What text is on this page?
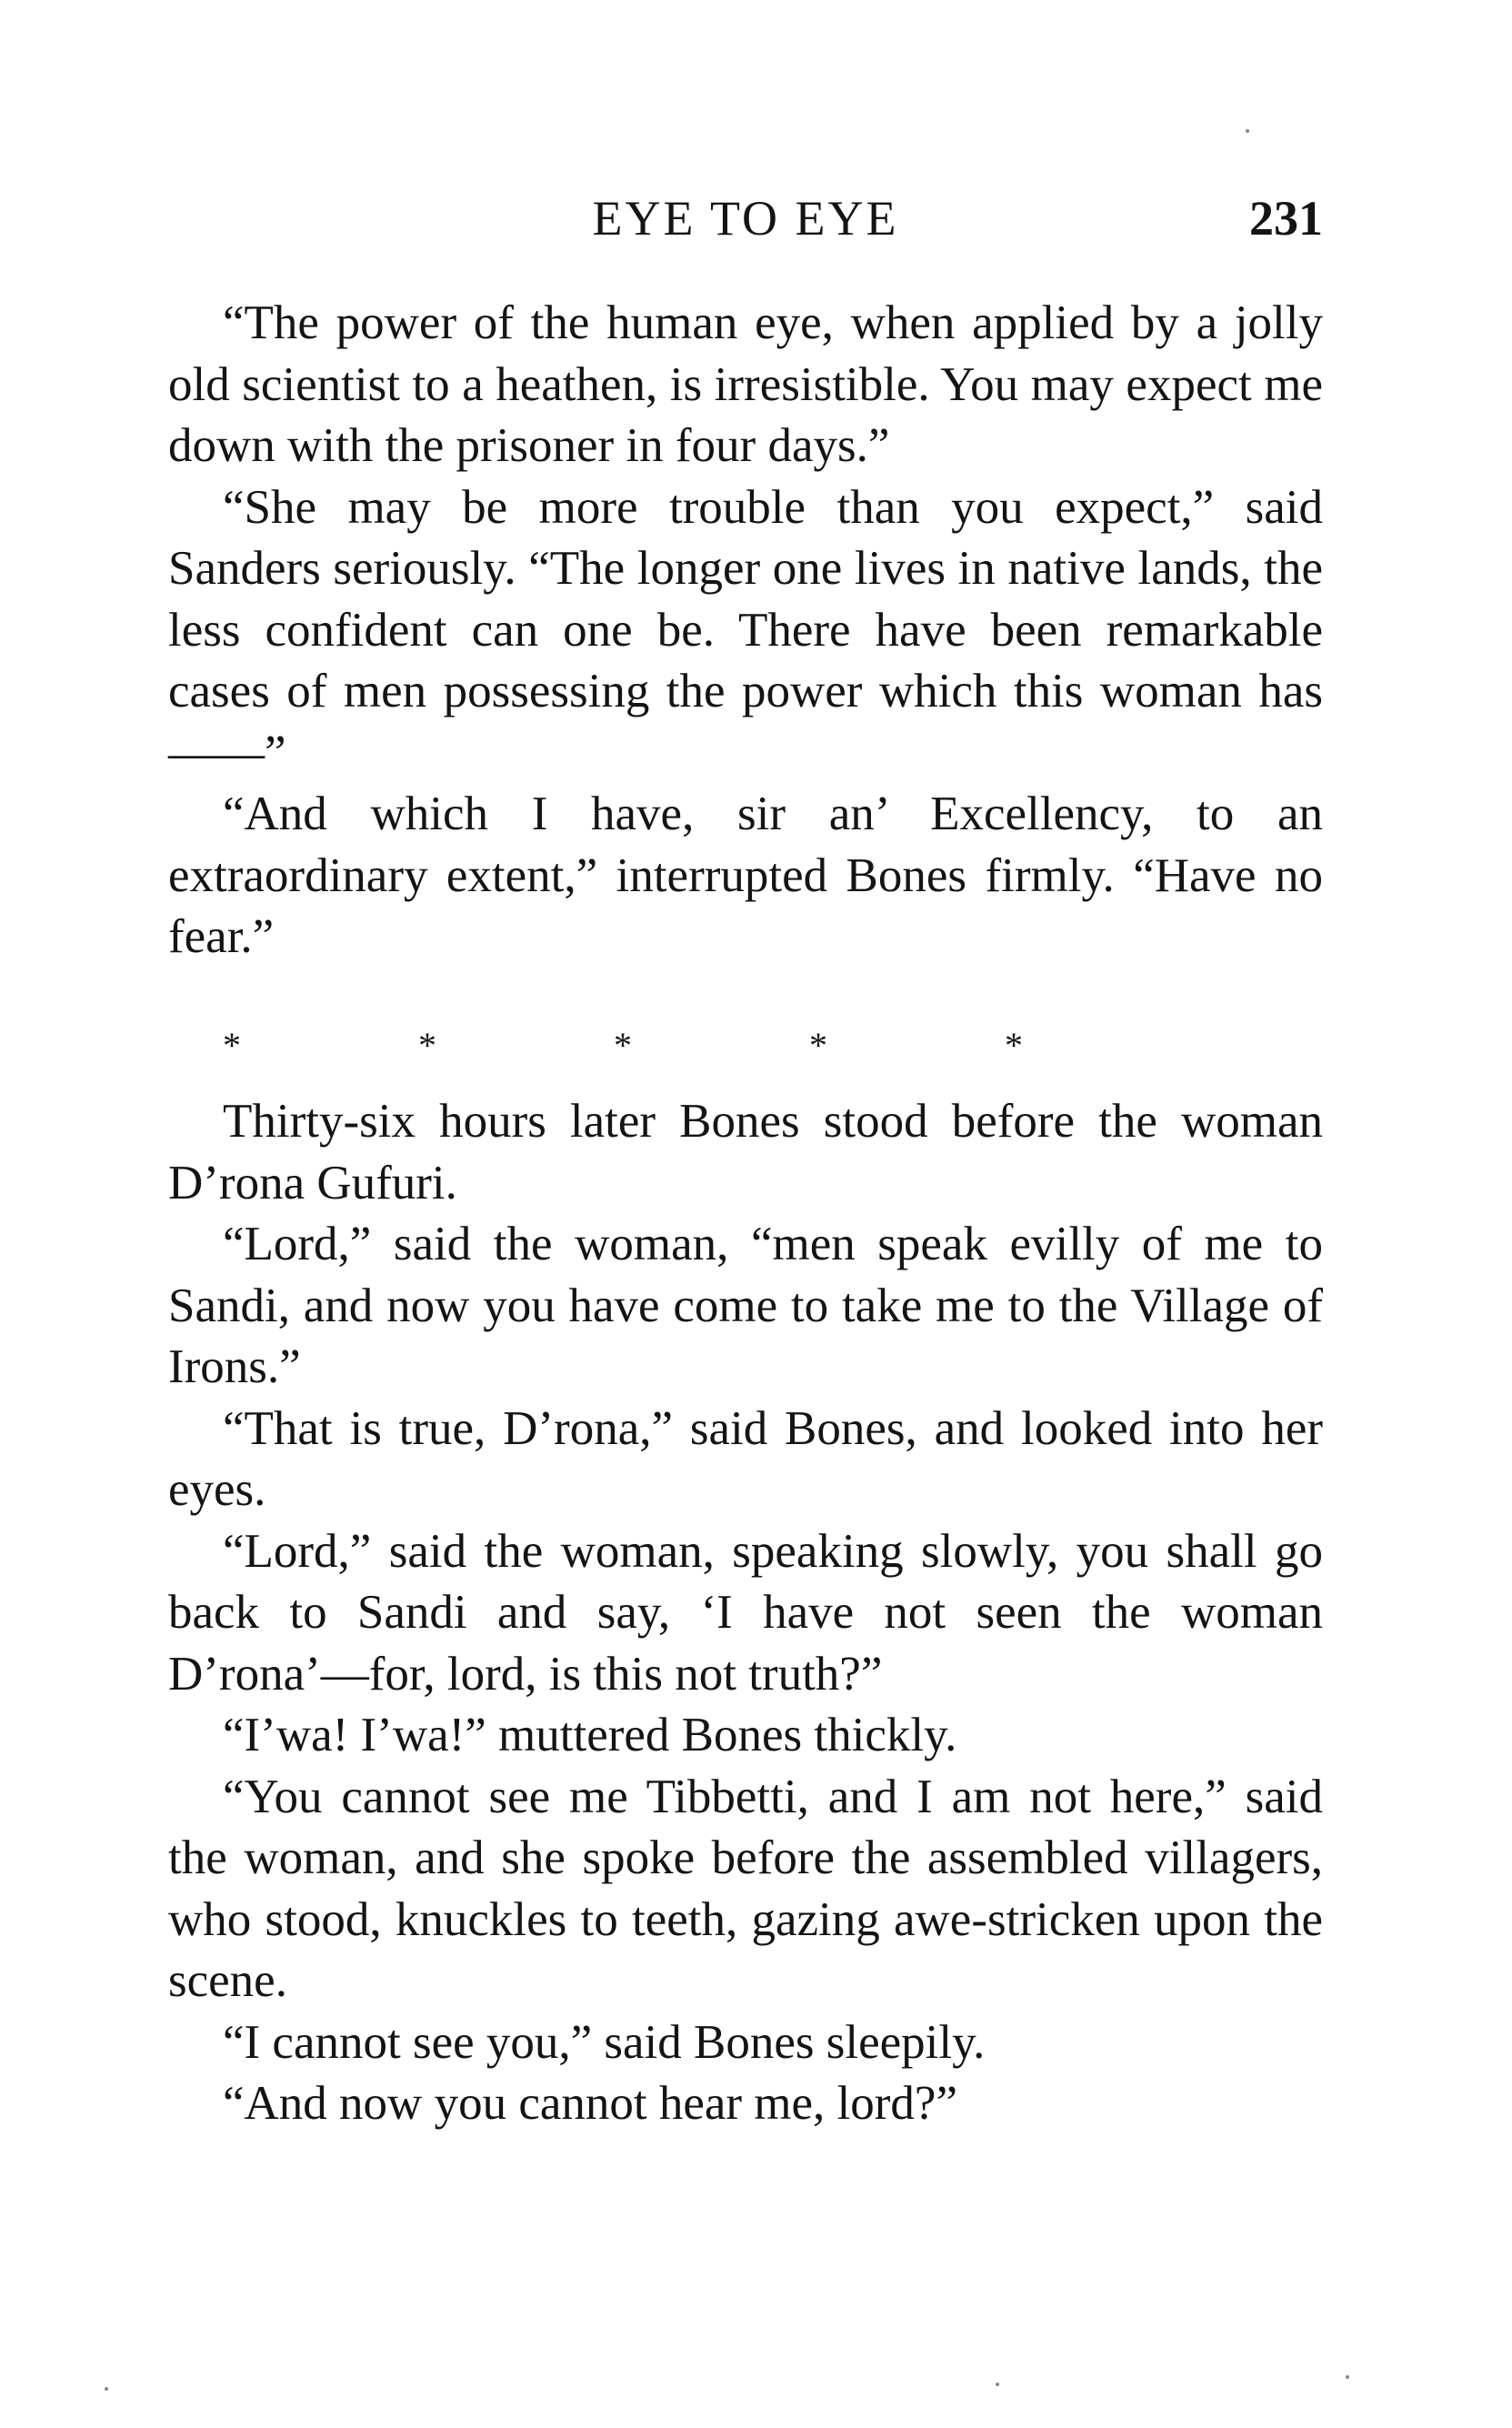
EYE TO EYE	231

“The power of the human eye, when applied by a jolly old scientist to a heathen, is irresistible. You may expect me down with the prisoner in four days.”

“She may be more trouble than you expect,” said Sanders seriously. “The longer one lives in native lands, the less confident can one be. There have been remarkable cases of men possessing the power which this woman has——”

“And which I have, sir an’ Excellency, to an extraordinary extent,” interrupted Bones firmly. “Have no fear.”

*	*	*	*	*

Thirty-six hours later Bones stood before the woman D’rona Gufuri.

“Lord,” said the woman, “men speak evilly of me to Sandi, and now you have come to take me to the Village of Irons.”

“That is true, D’rona,” said Bones, and looked into her eyes.

“Lord,” said the woman, speaking slowly, you shall go back to Sandi and say, ‘I have not seen the woman D’rona’—for, lord, is this not truth?”

“I’wa! I’wa!” muttered Bones thickly.

“You cannot see me Tibbetti, and I am not here,” said the woman, and she spoke before the assembled villagers, who stood, knuckles to teeth, gazing awe-stricken upon the scene.

“I cannot see you,” said Bones sleepily.

“And now you cannot hear me, lord?”
